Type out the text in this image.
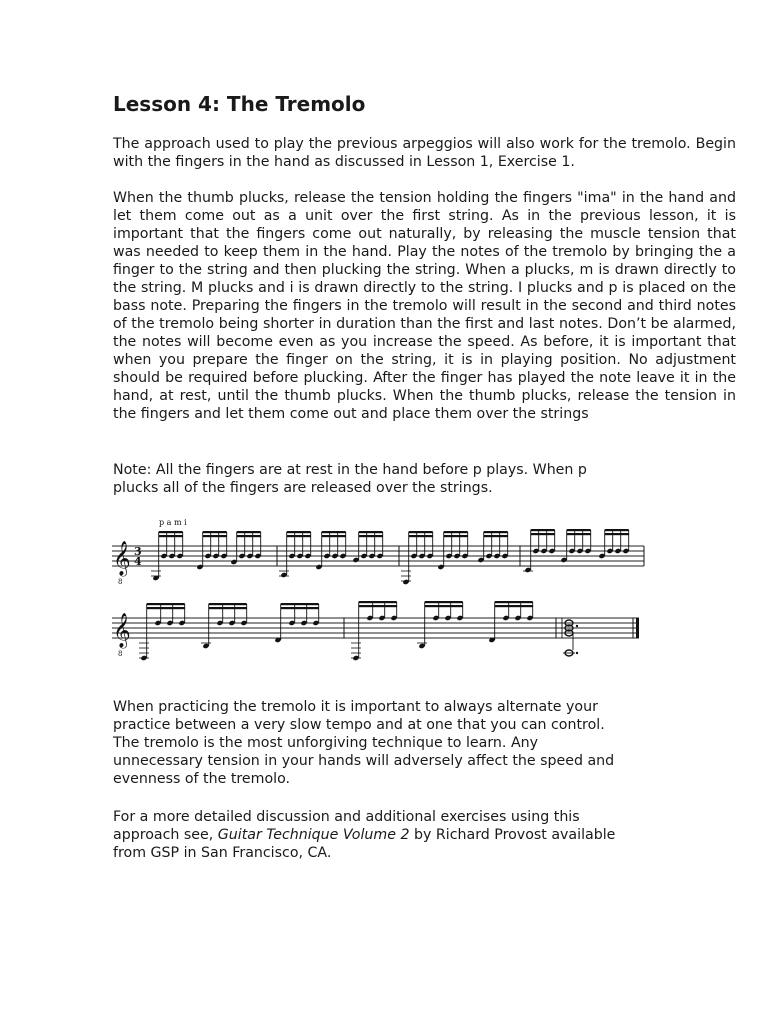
Lesson 4: The Tremolo

The approach used to play the previous arpeggios will also work for the tremolo. Begin with the fingers in the hand as discussed in Lesson 1, Exercise 1.

When the thumb plucks, release the tension holding the fingers "ima" in the hand and let them come out as a unit over the first string. As in the previous lesson, it is important that the fingers come out naturally, by releasing the muscle tension that was needed to keep them in the hand. Play the notes of the tremolo by bringing the a finger to the string and then plucking the string. When a plucks, m is drawn directly to the string. M plucks and i is drawn directly to the string. I plucks and p is placed on the bass note. Preparing the fingers in the tremolo will result in the second and third notes of the tremolo being shorter in duration than the first and last notes. Don’t be alarmed, the notes will become even as you increase the speed. As before, it is important that when you prepare the finger on the string, it is in playing position. No adjustment should be required before plucking. After the finger has played the note leave it in the hand, at rest, until the thumb plucks. When the thumb plucks, release the tension in the fingers and let them come out and place them over the strings

Note: All the fingers are at rest in the hand before p plays. When p
plucks all of the fingers are released over the strings.
𝄞
8
3
4
p a m i
𝄞
8
When practicing the tremolo it is important to always alternate your
practice between a very slow tempo and at one that you can control.
The tremolo is the most unforgiving technique to learn. Any
unnecessary tension in your hands will adversely affect the speed and
evenness of the tremolo.
For a more detailed discussion and additional exercises using this
approach see, Guitar Technique Volume 2 by Richard Provost available
from GSP in San Francisco, CA.
